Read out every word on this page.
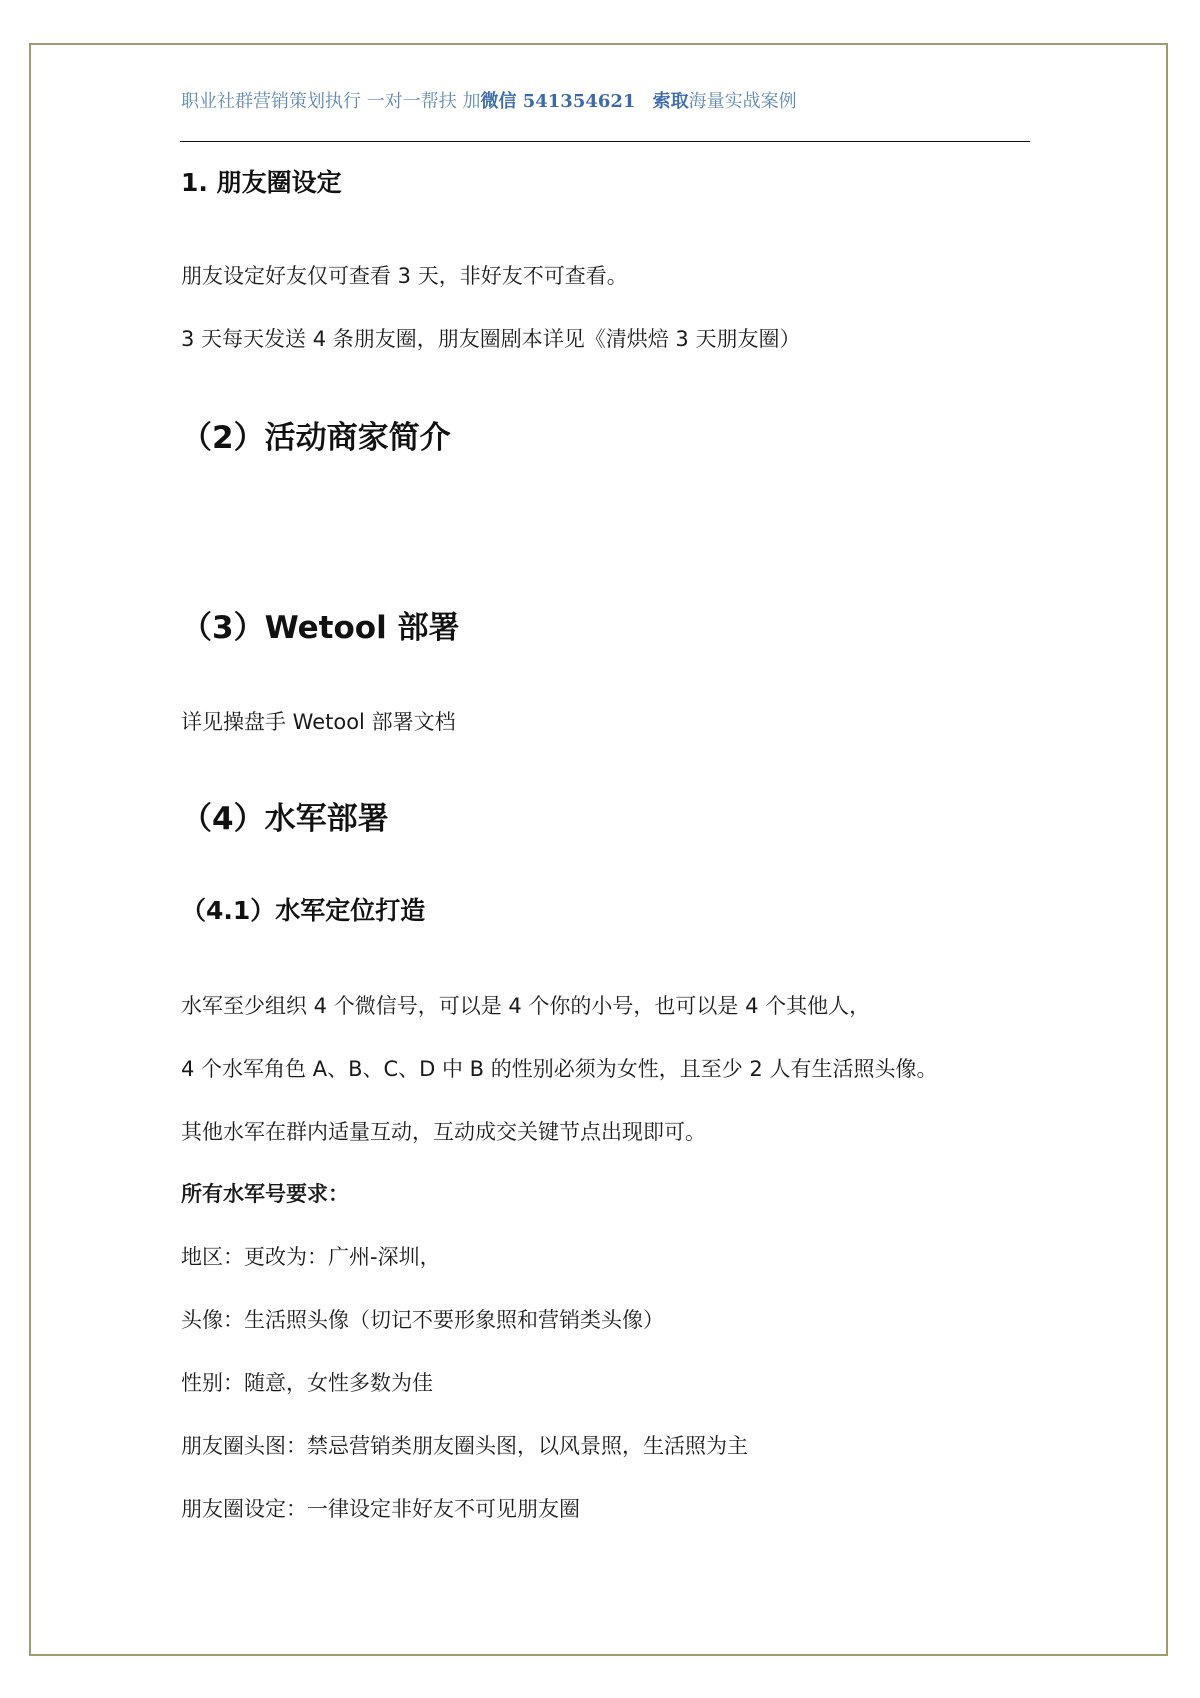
职业社群营销策划执行 一对一帮扶 加微信 541354621 索取海量实战案例
1. 朋友圈设定
朋友设定好友仅可查看 3 天，非好友不可查看。
3 天每天发送 4 条朋友圈，朋友圈剧本详见《清烘焙 3 天朋友圈）
（2）活动商家简介
（3）Wetool 部署
详见操盘手 Wetool 部署文档
（4）水军部署
（4.1）水军定位打造
水军至少组织 4 个微信号，可以是 4 个你的小号，也可以是 4 个其他人，
4 个水军角色 A、B、C、D 中 B 的性别必须为女性，且至少 2 人有生活照头像。
其他水军在群内适量互动，互动成交关键节点出现即可。
所有水军号要求：
地区：更改为：广州-深圳，
头像：生活照头像（切记不要形象照和营销类头像）
性别：随意，女性多数为佳
朋友圈头图：禁忌营销类朋友圈头图，以风景照，生活照为主
朋友圈设定：一律设定非好友不可见朋友圈
